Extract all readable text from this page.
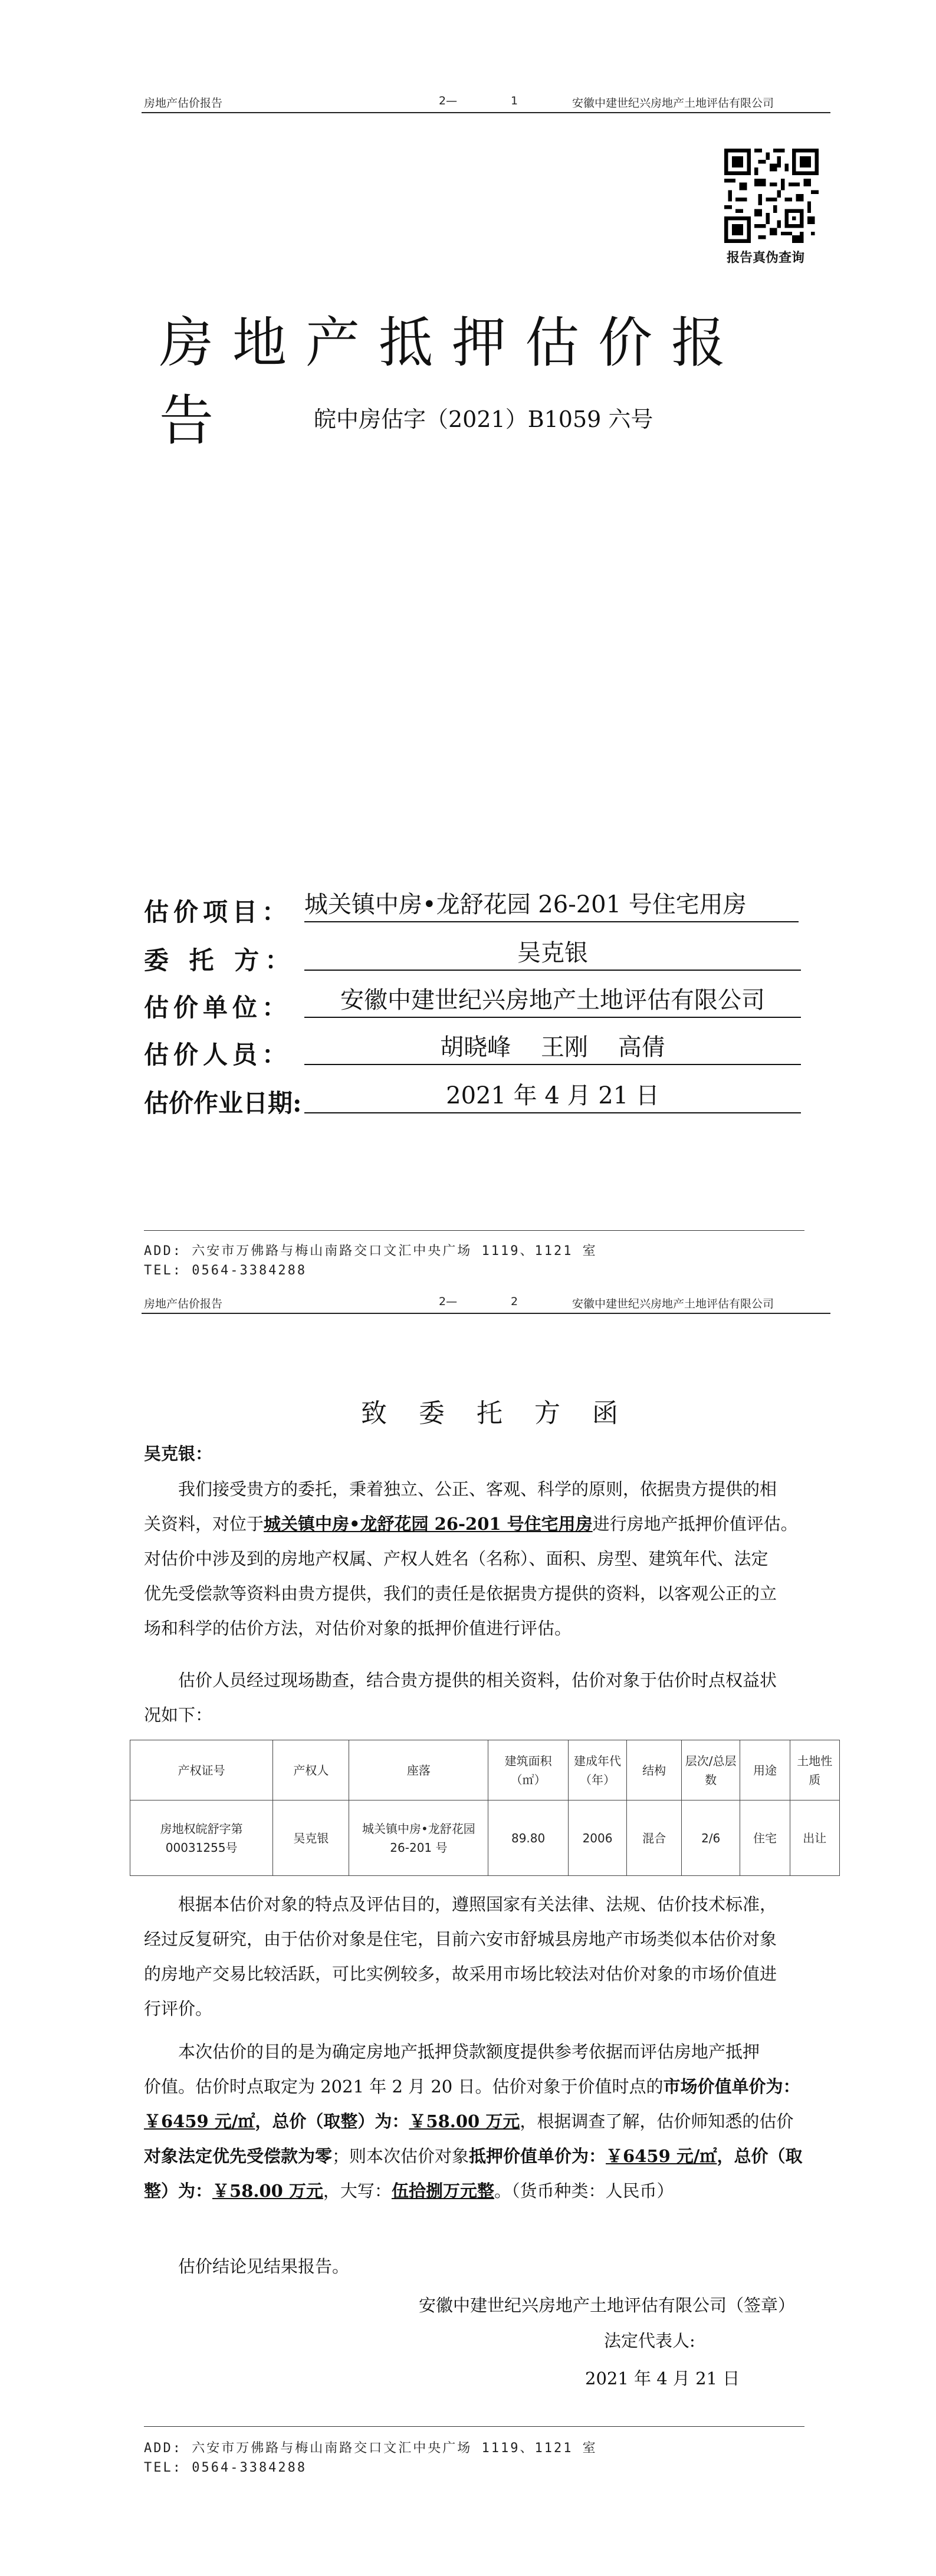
房地产估价报告	2—	1	安徽中建世纪兴房地产土地评估有限公司
报告真伪查询
房地产抵押估价报告	皖中房估字（2021）B1059 六号
估价项目： 城关镇中房•龙舒花园 26-201 号住宅用房
委 托 方：	吴克银
估价单位：	安徽中建世纪兴房地产土地评估有限公司
估价人员：	胡晓峰    王刚    高倩
估价作业日期:	2021 年 4 月 21 日
ADD: 六安市万佛路与梅山南路交口文汇中央广场 1119、1121 室
TEL: 0564-3384288
房地产估价报告	2—	2	安徽中建世纪兴房地产土地评估有限公司
致 委 托 方 函
吴克银：
我们接受贵方的委托，秉着独立、公正、客观、科学的原则，依据贵方提供的相
关资料，对位于城关镇中房•龙舒花园 26-201 号住宅用房进行房地产抵押价值评估。
对估价中涉及到的房地产权属、产权人姓名（名称）、面积、房型、建筑年代、法定
优先受偿款等资料由贵方提供，我们的责任是依据贵方提供的资料，以客观公正的立
场和科学的估价方法，对估价对象的抵押价值进行评估。
估价人员经过现场勘查，结合贵方提供的相关资料，估价对象于估价时点权益状
况如下：
产权证号	产权人	座落	建筑面积（㎡）	建成年代（年）	结构	层次/总层数	用途	土地性质
房地权皖舒字第00031255号	吴克银	城关镇中房•龙舒花园 26-201 号	89.80	2006	混合	2/6	住宅	出让
根据本估价对象的特点及评估目的，遵照国家有关法律、法规、估价技术标准，
经过反复研究，由于估价对象是住宅，目前六安市舒城县房地产市场类似本估价对象
的房地产交易比较活跃，可比实例较多，故采用市场比较法对估价对象的市场价值进
行评价。
本次估价的目的是为确定房地产抵押贷款额度提供参考依据而评估房地产抵押
价值。估价时点取定为 2021 年 2 月 20 日。估价对象于价值时点的市场价值单价为：
￥6459 元/㎡，总价（取整）为：￥58.00 万元，根据调查了解，估价师知悉的估价
对象法定优先受偿款为零；则本次估价对象抵押价值单价为：￥6459 元/㎡，总价（取
整）为：￥58.00 万元，大写：伍拾捌万元整。（货币种类：人民币）
估价结论见结果报告。
安徽中建世纪兴房地产土地评估有限公司（签章）
法定代表人:
2021 年 4 月 21 日
ADD: 六安市万佛路与梅山南路交口文汇中央广场 1119、1121 室
TEL: 0564-3384288
